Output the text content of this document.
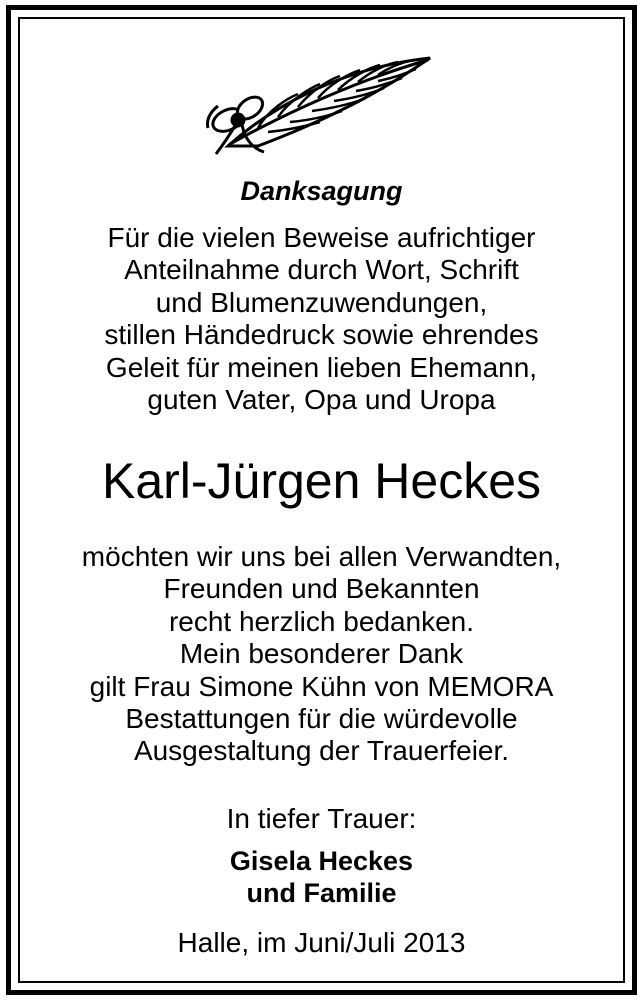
Danksagung
Für die vielen Beweise aufrichtiger
Anteilnahme durch Wort, Schrift
und Blumenzuwendungen,
stillen Händedruck sowie ehrendes
Geleit für meinen lieben Ehemann,
guten Vater, Opa und Uropa
Karl-Jürgen Heckes
möchten wir uns bei allen Verwandten,
Freunden und Bekannten
recht herzlich bedanken.
Mein besonderer Dank
gilt Frau Simone Kühn von MEMORA
Bestattungen für die würdevolle
Ausgestaltung der Trauerfeier.
In tiefer Trauer:
Gisela Heckes
und Familie
Halle, im Juni/Juli 2013
